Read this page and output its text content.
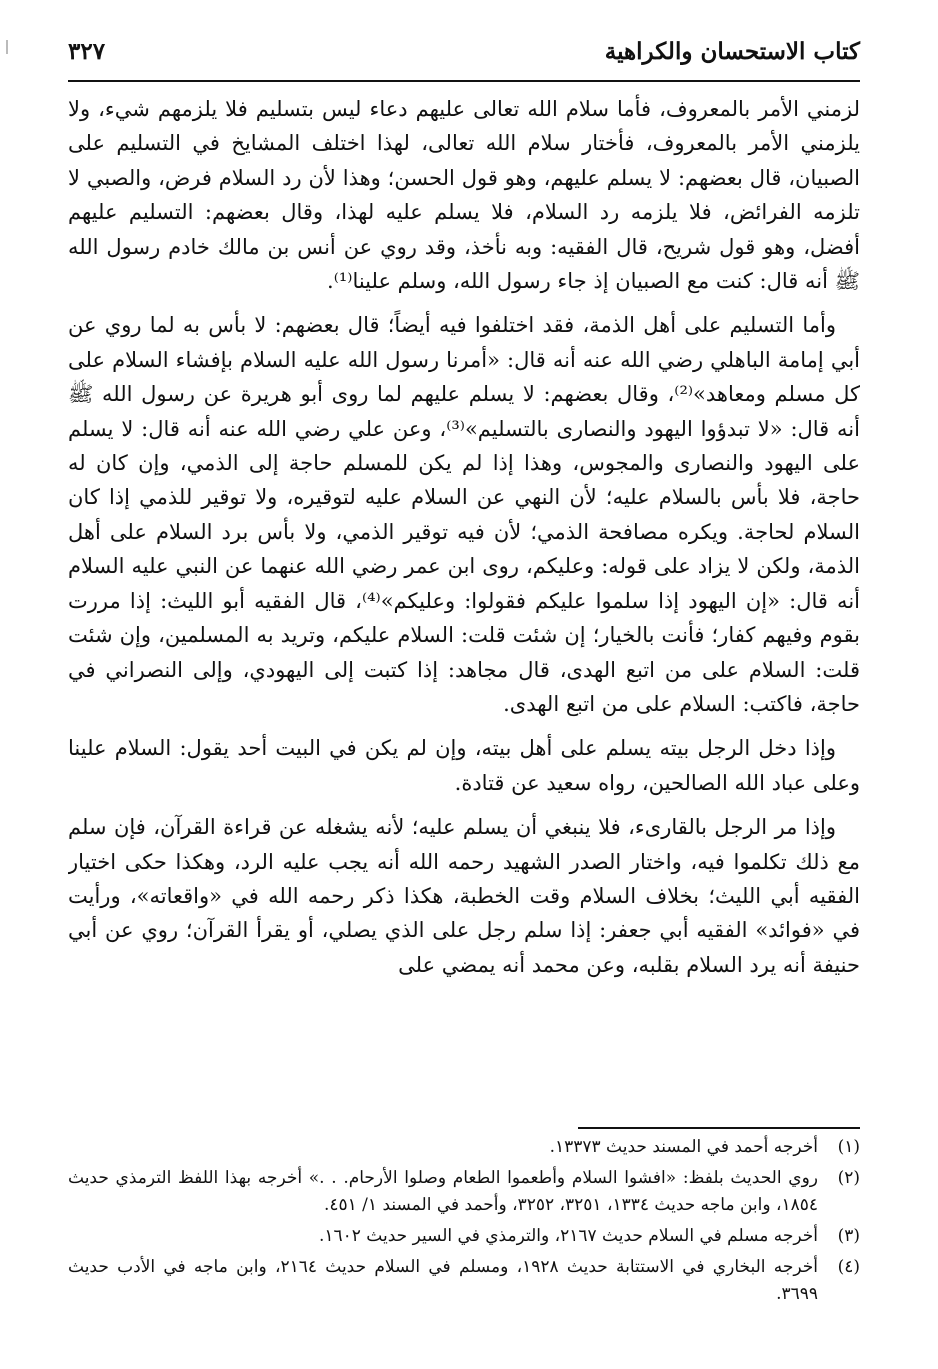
كتاب الاستحسان والكراهية
٣٢٧

لزمني الأمر بالمعروف، فأما سلام الله تعالى عليهم دعاء ليس بتسليم فلا يلزمهم شيء، ولا يلزمني الأمر بالمعروف، فأختار سلام الله تعالى، لهذا اختلف المشايخ في التسليم على الصبيان، قال بعضهم: لا يسلم عليهم، وهو قول الحسن؛ وهذا لأن رد السلام فرض، والصبي لا تلزمه الفرائض، فلا يلزمه رد السلام، فلا يسلم عليه لهذا، وقال بعضهم: التسليم عليهم أفضل، وهو قول شريح، قال الفقيه: وبه نأخذ، وقد روي عن أنس بن مالك خادم رسول الله ﷺ أنه قال: كنت مع الصبيان إذ جاء رسول الله، وسلم علينا⁽¹⁾.

وأما التسليم على أهل الذمة، فقد اختلفوا فيه أيضاً؛ قال بعضهم: لا بأس به لما روي عن أبي إمامة الباهلي رضي الله عنه أنه قال: «أمرنا رسول الله عليه السلام بإفشاء السلام على كل مسلم ومعاهد»⁽²⁾، وقال بعضهم: لا يسلم عليهم لما روى أبو هريرة عن رسول الله ﷺ أنه قال: «لا تبدؤوا اليهود والنصارى بالتسليم»⁽³⁾، وعن علي رضي الله عنه أنه قال: لا يسلم على اليهود والنصارى والمجوس، وهذا إذا لم يكن للمسلم حاجة إلى الذمي، وإن كان له حاجة، فلا بأس بالسلام عليه؛ لأن النهي عن السلام عليه لتوقيره، ولا توقير للذمي إذا كان السلام لحاجة. ويكره مصافحة الذمي؛ لأن فيه توقير الذمي، ولا بأس برد السلام على أهل الذمة، ولكن لا يزاد على قوله: وعليكم، روى ابن عمر رضي الله عنهما عن النبي عليه السلام أنه قال: «إن اليهود إذا سلموا عليكم فقولوا: وعليكم»⁽⁴⁾، قال الفقيه أبو الليث: إذا مررت بقوم وفيهم كفار؛ فأنت بالخيار؛ إن شئت قلت: السلام عليكم، وتريد به المسلمين، وإن شئت قلت: السلام على من اتبع الهدى، قال مجاهد: إذا كتبت إلى اليهودي، وإلى النصراني في حاجة، فاكتب: السلام على من اتبع الهدى.

وإذا دخل الرجل بيته يسلم على أهل بيته، وإن لم يكن في البيت أحد يقول: السلام علينا وعلى عباد الله الصالحين، رواه سعيد عن قتادة.

وإذا مر الرجل بالقارىء، فلا ينبغي أن يسلم عليه؛ لأنه يشغله عن قراءة القرآن، فإن سلم مع ذلك تكلموا فيه، واختار الصدر الشهيد رحمه الله أنه يجب عليه الرد، وهكذا حكى اختيار الفقيه أبي الليث؛ بخلاف السلام وقت الخطبة، هكذا ذكر رحمه الله في «واقعاته»، ورأيت في «فوائد» الفقيه أبي جعفر: إذا سلم رجل على الذي يصلي، أو يقرأ القرآن؛ روي عن أبي حنيفة أنه يرد السلام بقلبه، وعن محمد أنه يمضي على

(١)
أخرجه أحمد في المسند حديث ١٣٣٧٣.
(٢)
روي الحديث بلفظ: «افشوا السلام وأطعموا الطعام وصلوا الأرحام. . .» أخرجه بهذا اللفظ الترمذي حديث ١٨٥٤، وابن ماجه حديث ١٣٣٤، ٣٢٥١، ٣٢٥٢، وأحمد في المسند ١/ ٤٥١.
(٣)
أخرجه مسلم في السلام حديث ٢١٦٧، والترمذي في السير حديث ١٦٠٢.
(٤)
أخرجه البخاري في الاستتابة حديث ١٩٢٨، ومسلم في السلام حديث ٢١٦٤، وابن ماجه في الأدب حديث ٣٦٩٩.
